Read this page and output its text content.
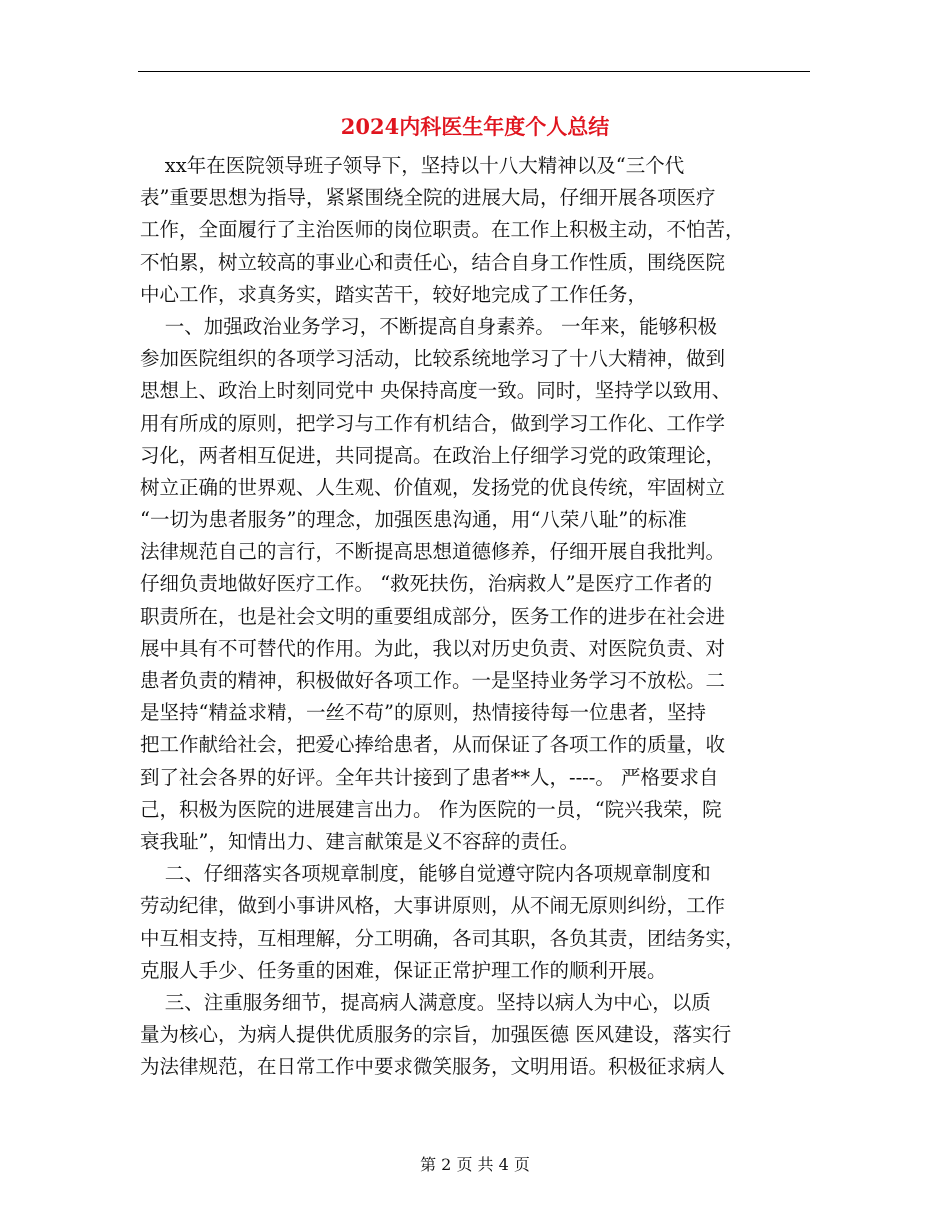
2024内科医生年度个人总结
xx年在医院领导班子领导下，坚持以十八大精神以及“三个代
表”重要思想为指导，紧紧围绕全院的进展大局，仔细开展各项医疗
工作，全面履行了主治医师的岗位职责。在工作上积极主动，不怕苦，
不怕累，树立较高的事业心和责任心，结合自身工作性质，围绕医院
中心工作，求真务实，踏实苦干，较好地完成了工作任务，
一、加强政治业务学习，不断提高自身素养。 一年来，能够积极
参加医院组织的各项学习活动，比较系统地学习了十八大精神，做到
思想上、政治上时刻同党中 央保持高度一致。同时，坚持学以致用、
用有所成的原则，把学习与工作有机结合，做到学习工作化、工作学
习化，两者相互促进，共同提高。在政治上仔细学习党的政策理论，
树立正确的世界观、人生观、价值观，发扬党的优良传统，牢固树立
“一切为患者服务”的理念，加强医患沟通，用“八荣八耻”的标准
法律规范自己的言行，不断提高思想道德修养，仔细开展自我批判。
仔细负责地做好医疗工作。 “救死扶伤，治病救人”是医疗工作者的
职责所在，也是社会文明的重要组成部分，医务工作的进步在社会进
展中具有不可替代的作用。为此，我以对历史负责、对医院负责、对
患者负责的精神，积极做好各项工作。一是坚持业务学习不放松。二
是坚持“精益求精，一丝不苟”的原则，热情接待每一位患者，坚持
把工作献给社会，把爱心捧给患者，从而保证了各项工作的质量，收
到了社会各界的好评。全年共计接到了患者**人，----。 严格要求自
己，积极为医院的进展建言出力。 作为医院的一员，“院兴我荣，院
衰我耻”，知情出力、建言献策是义不容辞的责任。
二、仔细落实各项规章制度，能够自觉遵守院内各项规章制度和
劳动纪律，做到小事讲风格，大事讲原则，从不闹无原则纠纷，工作
中互相支持，互相理解，分工明确，各司其职，各负其责，团结务实，
克服人手少、任务重的困难，保证正常护理工作的顺利开展。
三、注重服务细节，提高病人满意度。坚持以病人为中心，以质
量为核心，为病人提供优质服务的宗旨，加强医德 医风建设，落实行
为法律规范，在日常工作中要求微笑服务，文明用语。积极征求病人
第 2 页 共 4 页
